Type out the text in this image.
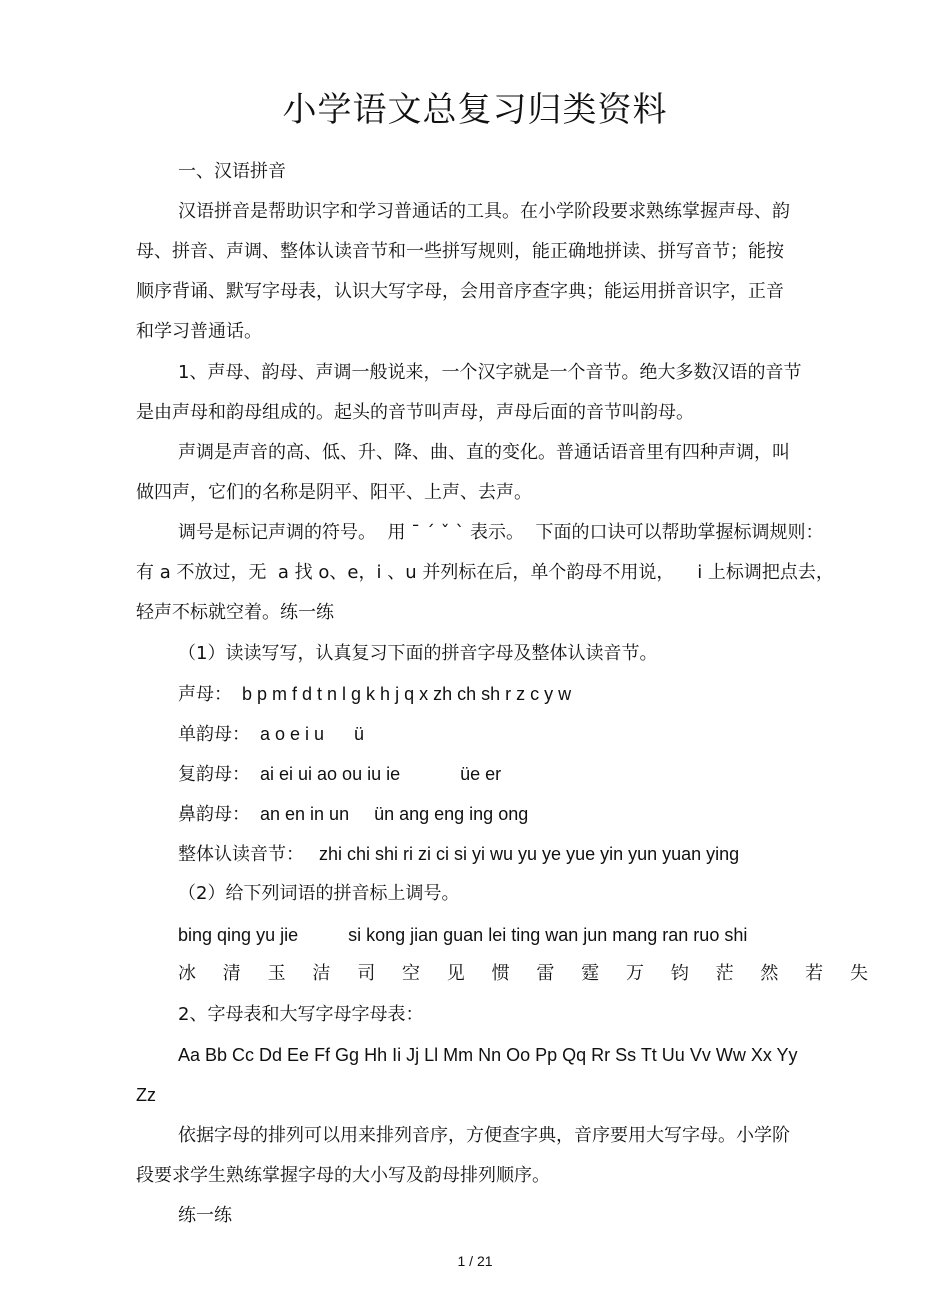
小学语文总复习归类资料
一、汉语拼音
汉语拼音是帮助识字和学习普通话的工具。在小学阶段要求熟练掌握声母、韵
母、拼音、声调、整体认读音节和一些拼写规则，能正确地拼读、拼写音节；能按
顺序背诵、默写字母表，认识大写字母，会用音序查字典；能运用拼音识字，正音
和学习普通话。
1、声母、韵母、声调一般说来，一个汉字就是一个音节。绝大多数汉语的音节
是由声母和韵母组成的。起头的音节叫声母，声母后面的音节叫韵母。
声调是声音的高、低、升、降、曲、直的变化。普通话语音里有四种声调，叫
做四声，它们的名称是阴平、阳平、上声、去声。
调号是标记声调的符号。  用 ˉ ˊ ˇ ˋ 表示。  下面的口诀可以帮助掌握标调规则：
有 a 不放过，无  a 找 o、e，i 、u 并列标在后，单个韵母不用说，    i 上标调把点去，
轻声不标就空着。练一练
（1）读读写写，认真复习下面的拼音字母及整体认读音节。
声母：  b p m f d t n l g k h j q x zh ch sh r z c y w
单韵母：  a o e i u      ü
复韵母：  ai ei ui ao ou iu ie            üe er
鼻韵母：  an en in un     ün ang eng ing ong
整体认读音节：   zhi chi shi ri zi ci si yi wu yu ye yue yin yun yuan ying
（2）给下列词语的拼音标上调号。
bing qing yu jie          si kong jian guan lei ting wan jun mang ran ruo shi
冰 清 玉 洁 司 空 见 惯 雷 霆 万 钧 茫 然 若 失
2、字母表和大写字母字母表：
Aa Bb Cc Dd Ee Ff Gg Hh Ii Jj Ll Mm Nn Oo Pp Qq Rr Ss Tt Uu Vv Ww Xx Yy
Zz
依据字母的排列可以用来排列音序，方便查字典，音序要用大写字母。小学阶
段要求学生熟练掌握字母的大小写及韵母排列顺序。
练一练
1 / 21
